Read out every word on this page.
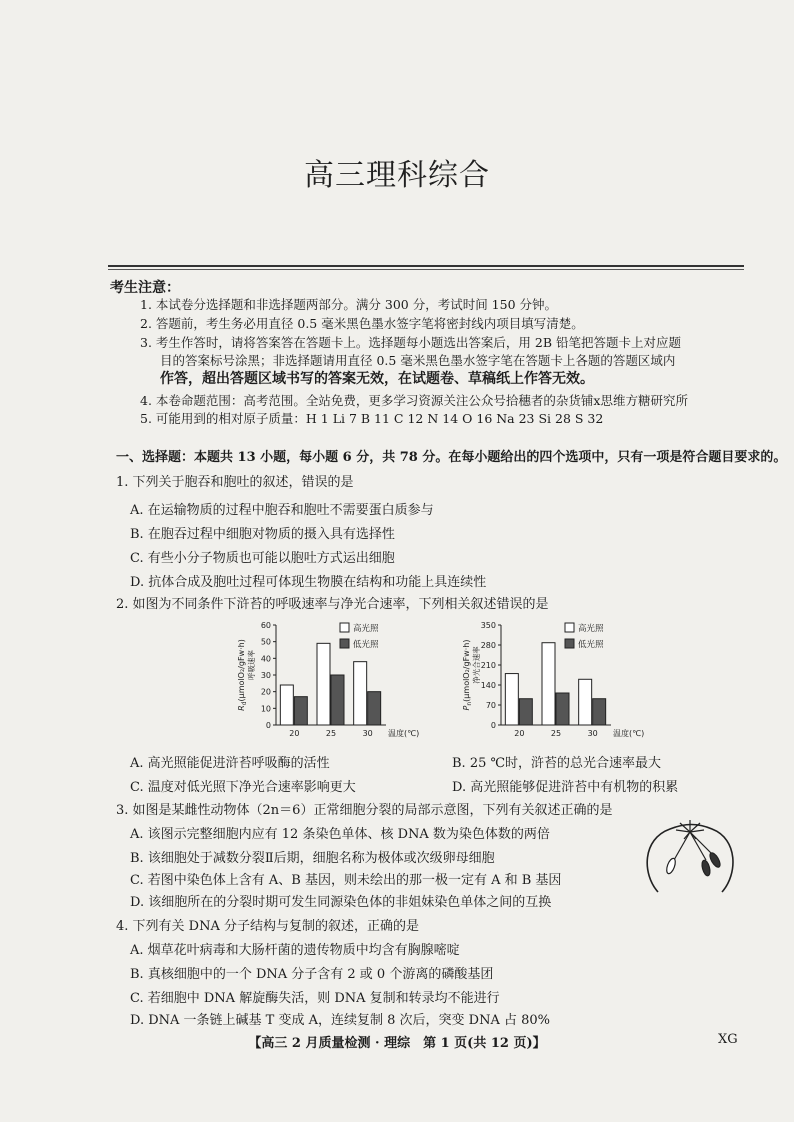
高三理科综合
考生注意：
1. 本试卷分选择题和非选择题两部分。满分 300 分，考试时间 150 分钟。
2. 答题前，考生务必用直径 0.5 毫米黑色墨水签字笔将密封线内项目填写清楚。
3. 考生作答时，请将答案答在答题卡上。选择题每小题选出答案后，用 2B 铅笔把答题卡上对应题
目的答案标号涂黑；非选择题请用直径 0.5 毫米黑色墨水签字笔在答题卡上各题的答题区域内
作答，超出答题区域书写的答案无效，在试题卷、草稿纸上作答无效。
4. 本卷命题范围：高考范围。全站免费，更多学习资源关注公众号拾穗者的杂货铺x思维方糖研究所
5. 可能用到的相对原子质量：H 1 Li 7 B 11 C 12 N 14 O 16 Na 23 Si 28 S 32
一、选择题：本题共 13 小题，每小题 6 分，共 78 分。在每小题给出的四个选项中，只有一项是符合题目要求的。
1. 下列关于胞吞和胞吐的叙述，错误的是
A. 在运输物质的过程中胞吞和胞吐不需要蛋白质参与
B. 在胞吞过程中细胞对物质的摄入具有选择性
C. 有些小分子物质也可能以胞吐方式运出细胞
D. 抗体合成及胞吐过程可体现生物膜在结构和功能上具连续性
2. 如图为不同条件下浒苔的呼吸速率与净光合速率，下列相关叙述错误的是
0
10
20
30
40
50
60
$R_d(\mu molO_2/gFw\cdot h)$ 呼吸速率
20	25	30 温度(℃)
高光照
低光照
0
70
140
210
280
350
$P_n(\mu molO_2/gFw\cdot h)$ 净光合速率
20	25	30 温度(℃)
高光照
低光照
A. 高光照能促进浒苔呼吸酶的活性	B. 25 ℃时，浒苔的总光合速率最大
C. 温度对低光照下净光合速率影响更大	D. 高光照能够促进浒苔中有机物的积累
3. 如图是某雌性动物体（2n＝6）正常细胞分裂的局部示意图，下列有关叙述正确的是
A. 该图示完整细胞内应有 12 条染色单体、核 DNA 数为染色体数的两倍
B. 该细胞处于减数分裂Ⅱ后期，细胞名称为极体或次级卵母细胞
C. 若图中染色体上含有 A、B 基因，则未绘出的那一极一定有 A 和 B 基因
D. 该细胞所在的分裂时期可发生同源染色体的非姐妹染色单体之间的互换
4. 下列有关 DNA 分子结构与复制的叙述，正确的是
A. 烟草花叶病毒和大肠杆菌的遗传物质中均含有胸腺嘧啶
B. 真核细胞中的一个 DNA 分子含有 2 或 0 个游离的磷酸基团
C. 若细胞中 DNA 解旋酶失活，则 DNA 复制和转录均不能进行
D. DNA 一条链上碱基 T 变成 A，连续复制 8 次后，突变 DNA 占 80%
【高三 2 月质量检测 · 理综　第 1 页(共 12 页)】	XG
